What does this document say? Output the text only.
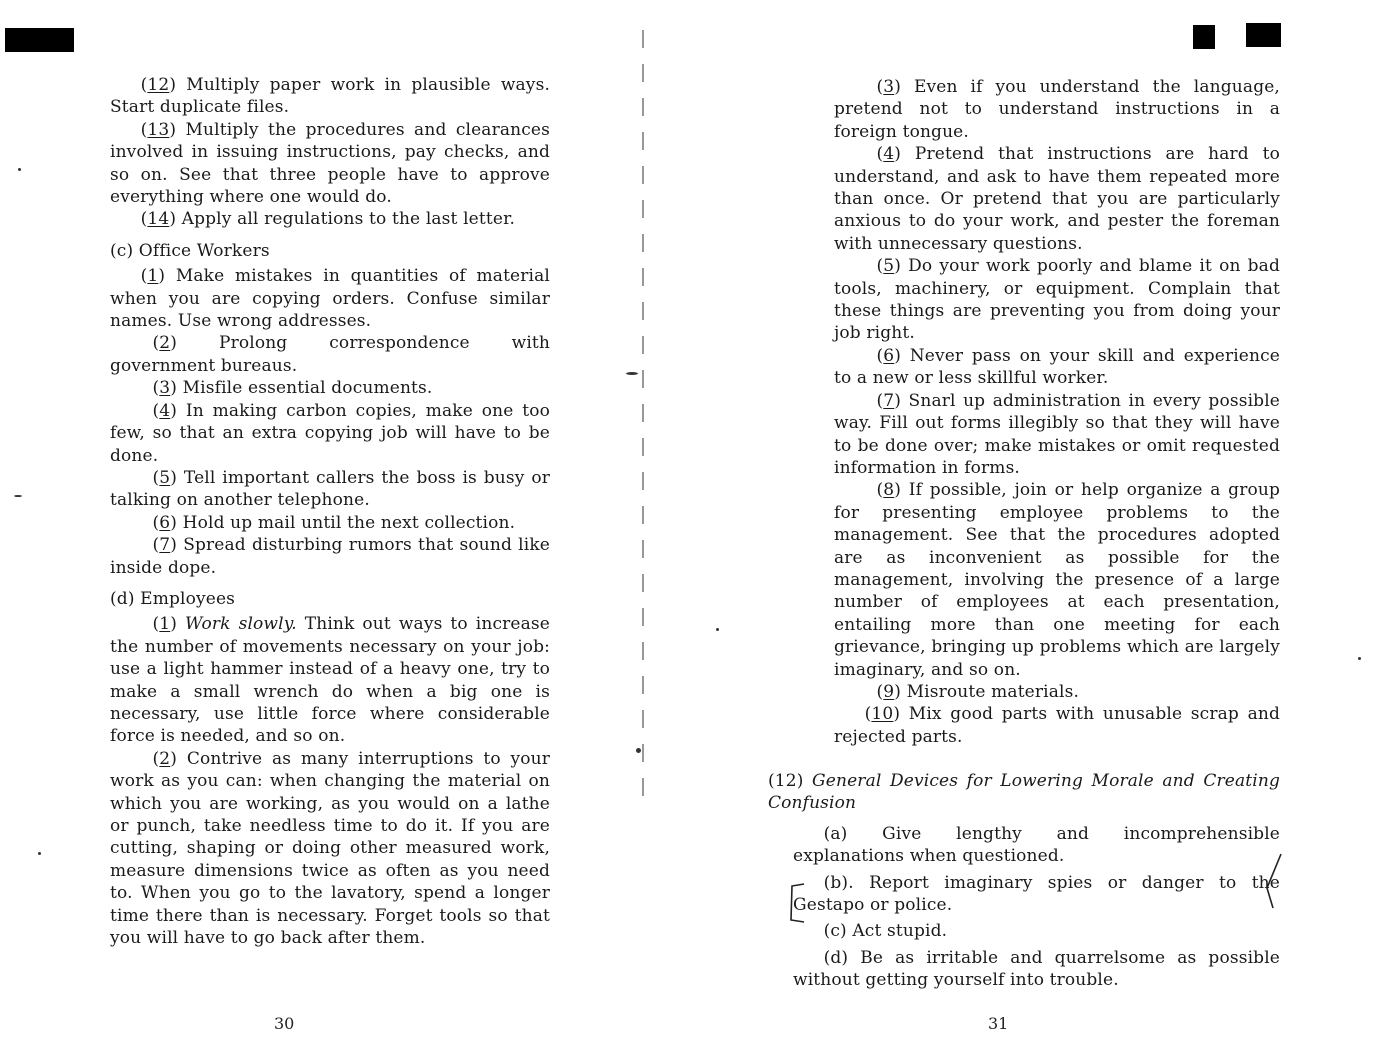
(12) Multiply paper work in plausible ways. Start duplicate files.

(13) Multiply the procedures and clearances involved in issuing instructions, pay checks, and so on. See that three people have to approve everything where one would do.

(14) Apply all regulations to the last letter.

(c) Office Workers

(1) Make mistakes in quantities of material when you are copying orders. Confuse similar names. Use wrong addresses.

(2) Prolong correspondence with government bureaus.

(3) Misfile essential documents.

(4) In making carbon copies, make one too few, so that an extra copying job will have to be done.

(5) Tell important callers the boss is busy or talking on another telephone.

(6) Hold up mail until the next collection.

(7) Spread disturbing rumors that sound like inside dope.

(d) Employees

(1) Work slowly. Think out ways to increase the number of movements necessary on your job: use a light hammer instead of a heavy one, try to make a small wrench do when a big one is necessary, use little force where considerable force is needed, and so on.

(2) Contrive as many interruptions to your work as you can: when changing the material on which you are working, as you would on a lathe or punch, take needless time to do it. If you are cutting, shaping or doing other measured work, measure dimensions twice as often as you need to. When you go to the lavatory, spend a longer time there than is necessary. Forget tools so that you will have to go back after them.

30

(3) Even if you understand the language, pretend not to understand instructions in a foreign tongue.

(4) Pretend that instructions are hard to understand, and ask to have them repeated more than once. Or pretend that you are particularly anxious to do your work, and pester the foreman with unnecessary questions.

(5) Do your work poorly and blame it on bad tools, machinery, or equipment. Complain that these things are preventing you from doing your job right.

(6) Never pass on your skill and experience to a new or less skillful worker.

(7) Snarl up administration in every possible way. Fill out forms illegibly so that they will have to be done over; make mistakes or omit requested information in forms.

(8) If possible, join or help organize a group for presenting employee problems to the management. See that the procedures adopted are as inconvenient as possible for the management, involving the presence of a large number of employees at each presentation, entailing more than one meeting for each grievance, bringing up problems which are largely imaginary, and so on.

(9) Misroute materials.

(10) Mix good parts with unusable scrap and rejected parts.

(12) General Devices for Lowering Morale and Creating Confusion

(a) Give lengthy and incomprehensible explanations when questioned.

(b). Report imaginary spies or danger to the Gestapo or police.

(c) Act stupid.

(d) Be as irritable and quarrelsome as possible without getting yourself into trouble.

31
